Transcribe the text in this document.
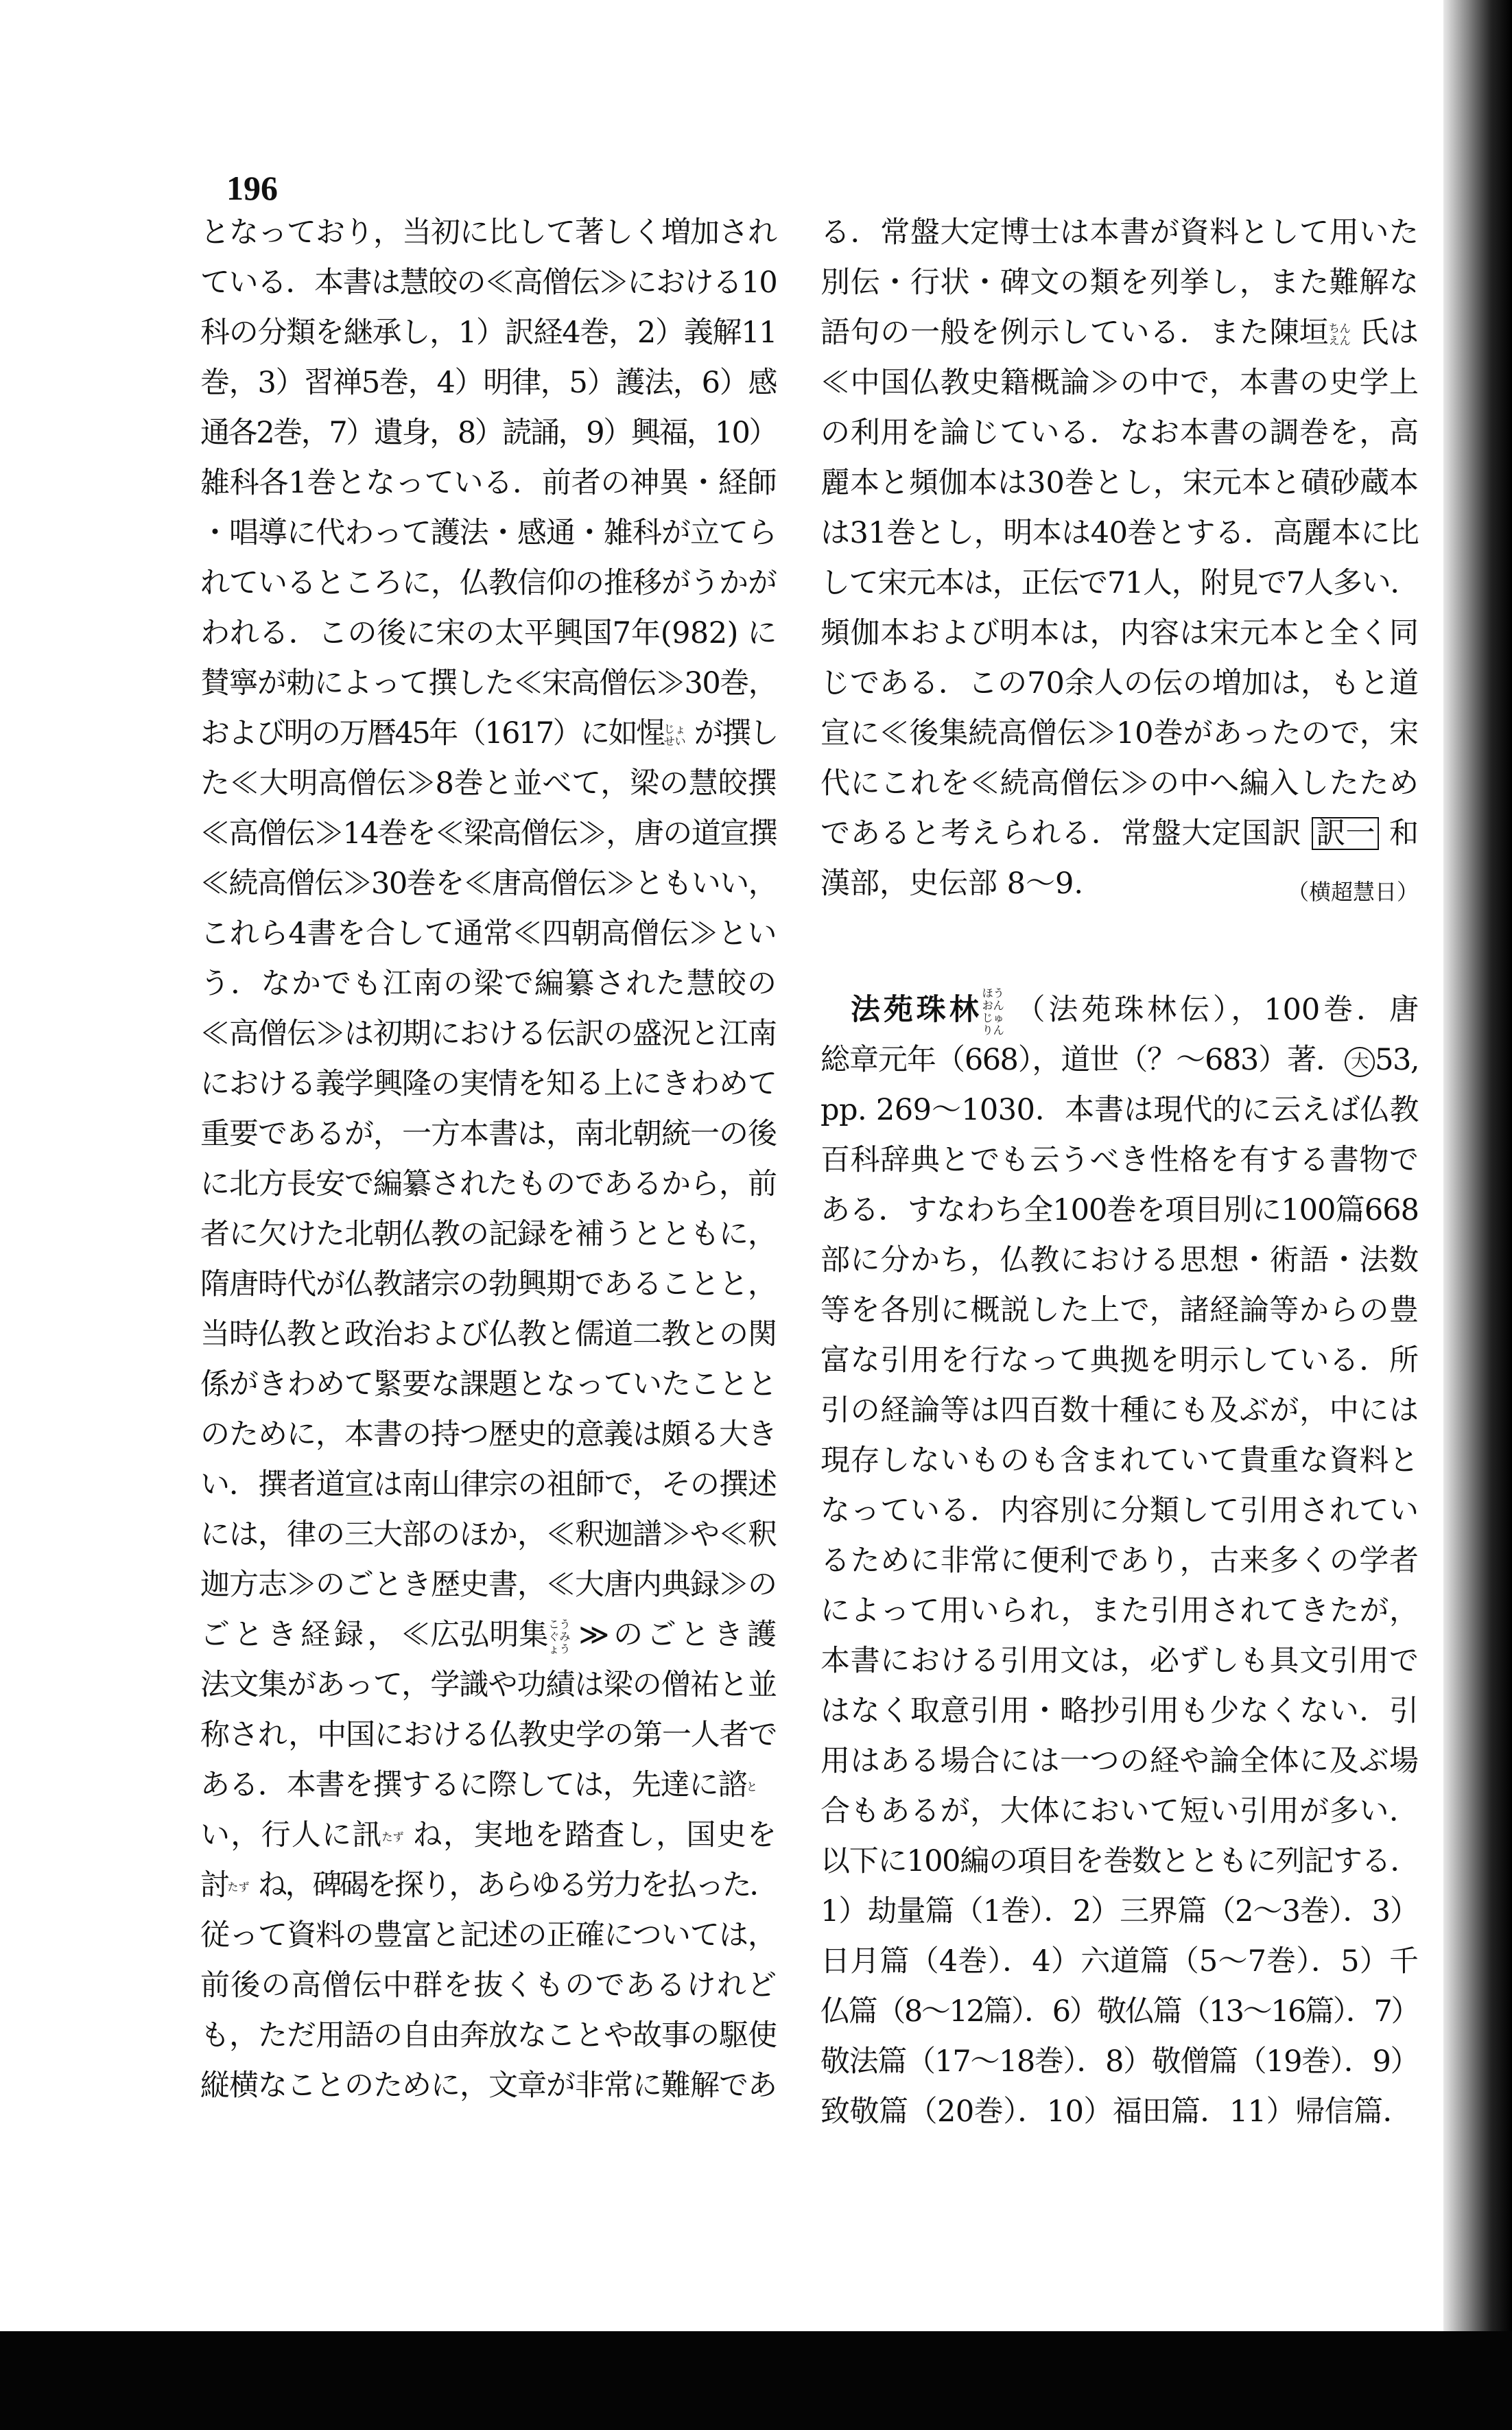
196
となっており，当初に比して著しく増加され
ている．本書は慧皎の≪高僧伝≫における10
科の分類を継承し，1）訳経4巻，2）義解11
巻，3）習禅5巻，4）明律，5）護法，6）感
通各2巻，7）遺身，8）読誦，9）興福，10）
雑科各1巻となっている．前者の神異・経師
・唱導に代わって護法・感通・雑科が立てら
れているところに，仏教信仰の推移がうかが
われる．この後に宋の太平興国7年(982) に
賛寧が勅によって撰した≪宋高僧伝≫30巻，
および明の万暦45年（1617）に如惺じょせい が撰し
た≪大明高僧伝≫8巻と並べて，梁の慧皎撰
≪高僧伝≫14巻を≪梁高僧伝≫，唐の道宣撰
≪続高僧伝≫30巻を≪唐高僧伝≫ともいい，
これら4書を合して通常≪四朝高僧伝≫とい
う．なかでも江南の梁で編纂された慧皎の
≪高僧伝≫は初期における伝訳の盛況と江南
における義学興隆の実情を知る上にきわめて
重要であるが，一方本書は，南北朝統一の後
に北方長安で編纂されたものであるから，前
者に欠けた北朝仏教の記録を補うとともに，
隋唐時代が仏教諸宗の勃興期であることと，
当時仏教と政治および仏教と儒道二教との関
係がきわめて緊要な課題となっていたことと
のために，本書の持つ歴史的意義は頗る大き
い．撰者道宣は南山律宗の祖師で，その撰述
には，律の三大部のほか，≪釈迦譜≫や≪釈
迦方志≫のごとき歴史書，≪大唐内典録≫の
ごとき経録，≪広弘明集こうぐみょう ≫のごとき護
法文集があって，学識や功績は梁の僧祐と並
称され，中国における仏教史学の第一人者で
ある．本書を撰するに際しては，先達に諮と
い，行人に訊たず ね，実地を踏査し，国史を
討たず ね，碑碣を探り，あらゆる労力を払った．
従って資料の豊富と記述の正確については，
前後の高僧伝中群を抜くものであるけれど
も，ただ用語の自由奔放なことや故事の駆使
縦横なことのために，文章が非常に難解であ
る．常盤大定博士は本書が資料として用いた
別伝・行状・碑文の類を列挙し，また難解な
語句の一般を例示している．また陳垣ちんえん 氏は
≪中国仏教史籍概論≫の中で，本書の史学上
の利用を論じている．なお本書の調巻を，高
麗本と頻伽本は30巻とし，宋元本と磧砂蔵本
は31巻とし，明本は40巻とする．高麗本に比
して宋元本は，正伝で71人，附見で7人多い．
頻伽本および明本は，内容は宋元本と全く同
じである．この70余人の伝の増加は，もと道
宣に≪後集続高僧伝≫10巻があったので，宋
代にこれを≪続高僧伝≫の中へ編入したため
であると考えられる．常盤大定国訳 訳一 和
漢部，史伝部 8～9.	（横超慧日）
法苑珠林ほうおんじゅりん（法苑珠林伝），100巻．唐
総章元年（668），道世（？～683）著． 大 53,
pp. 269～1030．本書は現代的に云えば仏教
百科辞典とでも云うべき性格を有する書物で
ある．すなわち全100巻を項目別に100篇668
部に分かち，仏教における思想・術語・法数
等を各別に概説した上で，諸経論等からの豊
富な引用を行なって典拠を明示している．所
引の経論等は四百数十種にも及ぶが，中には
現存しないものも含まれていて貴重な資料と
なっている．内容別に分類して引用されてい
るために非常に便利であり，古来多くの学者
によって用いられ，また引用されてきたが，
本書における引用文は，必ずしも具文引用で
はなく取意引用・略抄引用も少なくない．引
用はある場合には一つの経や論全体に及ぶ場
合もあるが，大体において短い引用が多い．
以下に100編の項目を巻数とともに列記する．
1）劫量篇（1巻）．2）三界篇（2～3巻）．3）
日月篇（4巻）．4）六道篇（5～7巻）．5）千
仏篇（8～12篇）．6）敬仏篇（13～16篇）．7）
敬法篇（17～18巻）．8）敬僧篇（19巻）．9）
致敬篇（20巻）．10）福田篇．11）帰信篇．
